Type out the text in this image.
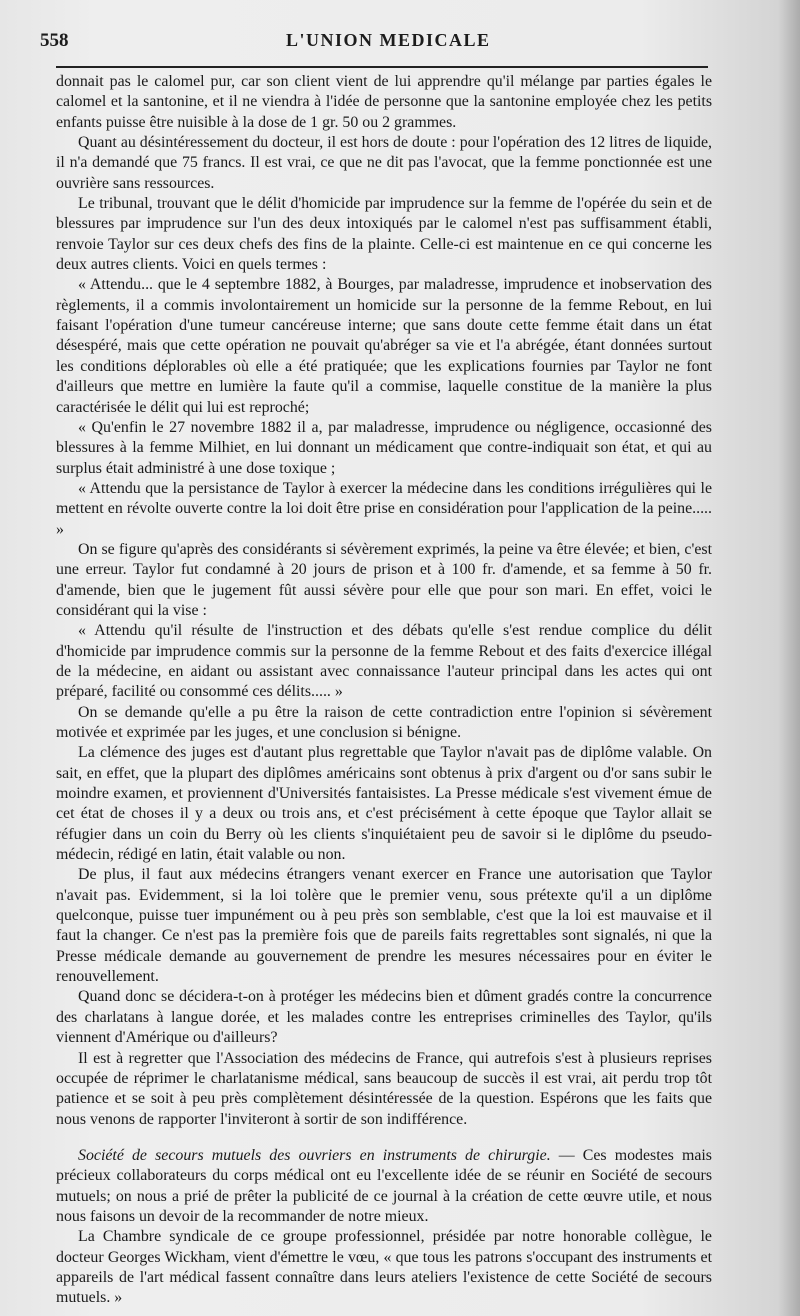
558	L'UNION MEDICALE

donnait pas le calomel pur, car son client vient de lui apprendre qu'il mélange par parties égales le calomel et la santonine, et il ne viendra à l'idée de personne que la santonine employée chez les petits enfants puisse être nuisible à la dose de 1 gr. 50 ou 2 grammes.

Quant au désintéressement du docteur, il est hors de doute : pour l'opération des 12 litres de liquide, il n'a demandé que 75 francs. Il est vrai, ce que ne dit pas l'avocat, que la femme ponctionnée est une ouvrière sans ressources.

Le tribunal, trouvant que le délit d'homicide par imprudence sur la femme de l'opérée du sein et de blessures par imprudence sur l'un des deux intoxiqués par le calomel n'est pas suffisamment établi, renvoie Taylor sur ces deux chefs des fins de la plainte. Celle-ci est maintenue en ce qui concerne les deux autres clients. Voici en quels termes :

« Attendu... que le 4 septembre 1882, à Bourges, par maladresse, imprudence et inobservation des règlements, il a commis involontairement un homicide sur la personne de la femme Rebout, en lui faisant l'opération d'une tumeur cancéreuse interne; que sans doute cette femme était dans un état désespéré, mais que cette opération ne pouvait qu'abréger sa vie et l'a abrégée, étant données surtout les conditions déplorables où elle a été pratiquée; que les explications fournies par Taylor ne font d'ailleurs que mettre en lumière la faute qu'il a commise, laquelle constitue de la manière la plus caractérisée le délit qui lui est reproché;

« Qu'enfin le 27 novembre 1882 il a, par maladresse, imprudence ou négligence, occasionné des blessures à la femme Milhiet, en lui donnant un médicament que contre-indiquait son état, et qui au surplus était administré à une dose toxique ;

« Attendu que la persistance de Taylor à exercer la médecine dans les conditions irrégulières qui le mettent en révolte ouverte contre la loi doit être prise en considération pour l'application de la peine..... »

On se figure qu'après des considérants si sévèrement exprimés, la peine va être élevée; et bien, c'est une erreur. Taylor fut condamné à 20 jours de prison et à 100 fr. d'amende, et sa femme à 50 fr. d'amende, bien que le jugement fût aussi sévère pour elle que pour son mari. En effet, voici le considérant qui la vise :

« Attendu qu'il résulte de l'instruction et des débats qu'elle s'est rendue complice du délit d'homicide par imprudence commis sur la personne de la femme Rebout et des faits d'exercice illégal de la médecine, en aidant ou assistant avec connaissance l'auteur principal dans les actes qui ont préparé, facilité ou consommé ces délits..... »

On se demande qu'elle a pu être la raison de cette contradiction entre l'opinion si sévèrement motivée et exprimée par les juges, et une conclusion si bénigne.

La clémence des juges est d'autant plus regrettable que Taylor n'avait pas de diplôme valable. On sait, en effet, que la plupart des diplômes américains sont obtenus à prix d'argent ou d'or sans subir le moindre examen, et proviennent d'Universités fantaisistes. La Presse médicale s'est vivement émue de cet état de choses il y a deux ou trois ans, et c'est précisément à cette époque que Taylor allait se réfugier dans un coin du Berry où les clients s'inquiétaient peu de savoir si le diplôme du pseudo-médecin, rédigé en latin, était valable ou non.

De plus, il faut aux médecins étrangers venant exercer en France une autorisation que Taylor n'avait pas. Evidemment, si la loi tolère que le premier venu, sous prétexte qu'il a un diplôme quelconque, puisse tuer impunément ou à peu près son semblable, c'est que la loi est mauvaise et il faut la changer. Ce n'est pas la première fois que de pareils faits regrettables sont signalés, ni que la Presse médicale demande au gouvernement de prendre les mesures nécessaires pour en éviter le renouvellement.

Quand donc se décidera-t-on à protéger les médecins bien et dûment gradés contre la concurrence des charlatans à langue dorée, et les malades contre les entreprises criminelles des Taylor, qu'ils viennent d'Amérique ou d'ailleurs?

Il est à regretter que l'Association des médecins de France, qui autrefois s'est à plusieurs reprises occupée de réprimer le charlatanisme médical, sans beaucoup de succès il est vrai, ait perdu trop tôt patience et se soit à peu près complètement désintéressée de la question. Espérons que les faits que nous venons de rapporter l'inviteront à sortir de son indifférence.

Société de secours mutuels des ouvriers en instruments de chirurgie. — Ces modestes mais précieux collaborateurs du corps médical ont eu l'excellente idée de se réunir en Société de secours mutuels; on nous a prié de prêter la publicité de ce journal à la création de cette œuvre utile, et nous nous faisons un devoir de la recommander de notre mieux.

La Chambre syndicale de ce groupe professionnel, présidée par notre honorable collègue, le docteur Georges Wickham, vient d'émettre le vœu, « que tous les patrons s'occupant des instruments et appareils de l'art médical fassent connaître dans leurs ateliers l'existence de cette Société de secours mutuels. »
